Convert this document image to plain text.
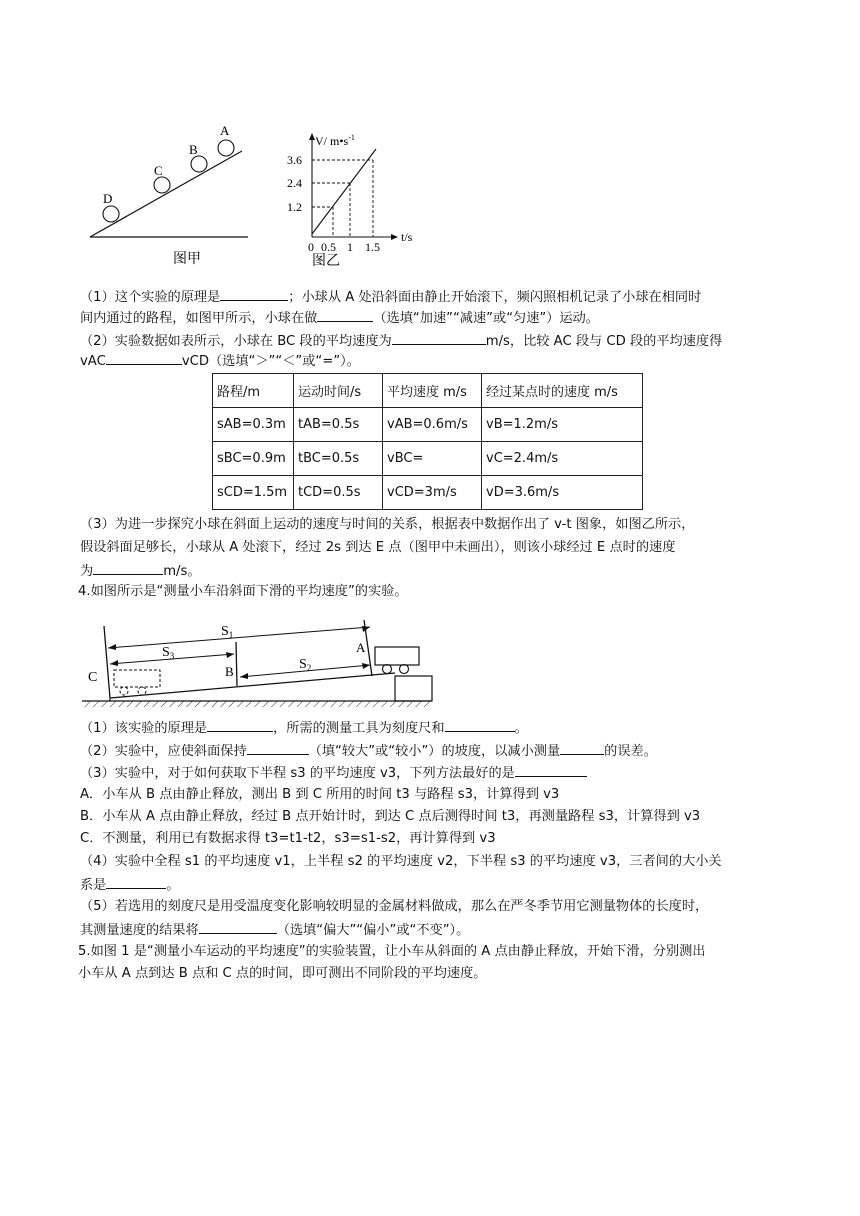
D
C
B
A
图甲
V/ $m•s^{-1}$
t/s
3.6
2.4
1.2
0 0.5 1 1.5
图乙
（1）这个实验的原理是	；小球从 A 处沿斜面由静止开始滚下，频闪照相机记录了小球在相同时
间内通过的路程，如图甲所示，小球在做	（选填“加速”“减速”或“匀速”）运动。
（2）实验数据如表所示，小球在 BC 段的平均速度为	m/s，比较 AC 段与 CD 段的平均速度得
vAC	vCD（选填“＞”“＜”或“=”）。
路程/m	运动时间/s	平均速度 m/s	经过某点时的速度 m/s
sAB=0.3m	tAB=0.5s	vAB=0.6m/s	vB=1.2m/s
sBC=0.9m	tBC=0.5s	vBC=	vC=2.4m/s
sCD=1.5m	tCD=0.5s	vCD=3m/s	vD=3.6m/s
（3）为进一步探究小球在斜面上运动的速度与时间的关系，根据表中数据作出了 v-t 图象，如图乙所示，
假设斜面足够长，小球从 A 处滚下，经过 2s 到达 E 点（图甲中未画出），则该小球经过 E 点时的速度
为	m/s。
4.如图所示是“测量小车沿斜面下滑的平均速度”的实验。
$S_1$
$S_3$
$S_2$
A
B
C
（1）该实验的原理是	，所需的测量工具为刻度尺和	。
（2）实验中，应使斜面保持	（填“较大”或“较小”）的坡度，以减小测量	的误差。
（3）实验中，对于如何获取下半程 s3 的平均速度 v3，下列方法最好的是
A．小车从 B 点由静止释放，测出 B 到 C 所用的时间 t3 与路程 s3，计算得到 v3
B．小车从 A 点由静止释放，经过 B 点开始计时，到达 C 点后测得时间 t3，再测量路程 s3，计算得到 v3
C．不测量，利用已有数据求得 t3=t1-t2，s3=s1-s2，再计算得到 v3
（4）实验中全程 s1 的平均速度 v1，上半程 s2 的平均速度 v2，下半程 s3 的平均速度 v3，三者间的大小关
系是	。
（5）若选用的刻度尺是用受温度变化影响较明显的金属材料做成，那么在严冬季节用它测量物体的长度时，
其测量速度的结果将	（选填“偏大”“偏小”或“不变”）。
5.如图 1 是“测量小车运动的平均速度”的实验装置，让小车从斜面的 A 点由静止释放，开始下滑，分别测出
小车从 A 点到达 B 点和 C 点的时间，即可测出不同阶段的平均速度。
